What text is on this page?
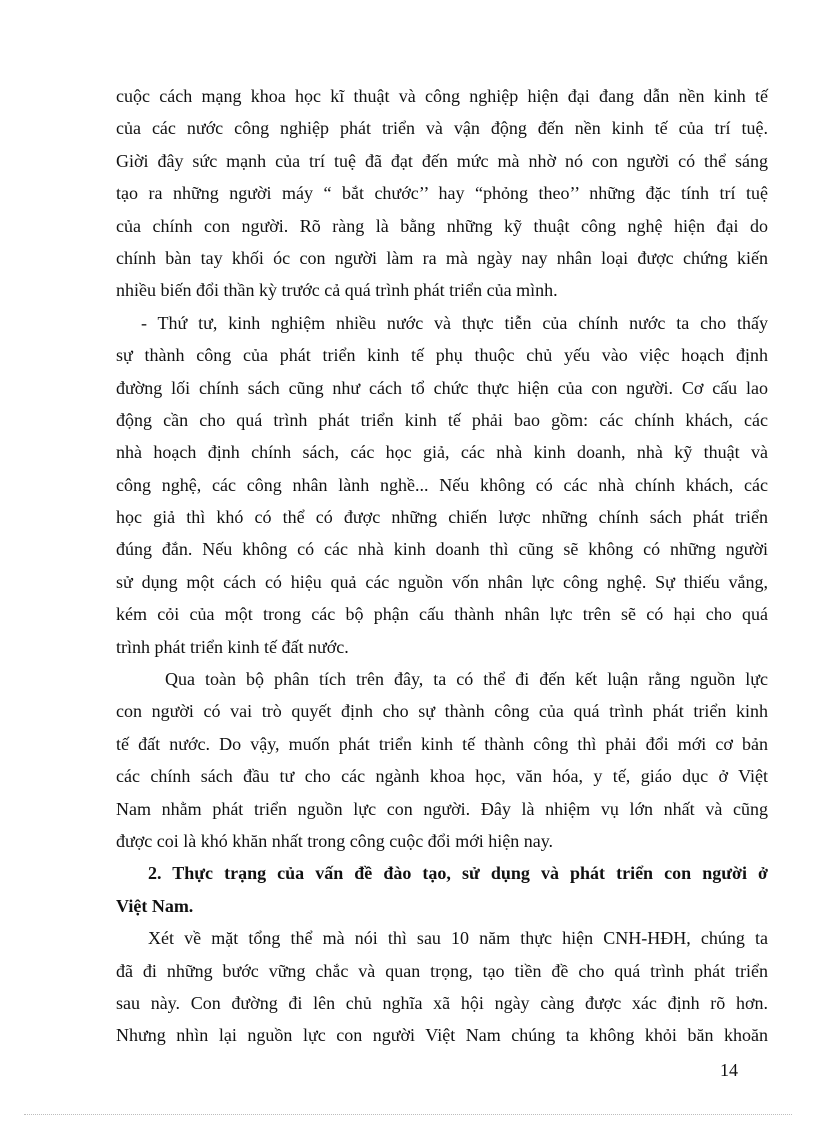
cuộc cách mạng khoa học kĩ thuật và công nghiệp hiện đại đang dẫn nền kinh tế
của các nước công nghiệp phát triển và vận động đến nền kinh tế của trí tuệ.
Giời đây sức mạnh của trí tuệ đã đạt đến mức mà nhờ nó con người có thể sáng
tạo ra những người máy “ bắt chước’’ hay “phỏng theo’’ những đặc tính trí tuệ
của chính con người. Rõ ràng là bằng những kỹ thuật công nghệ hiện đại do
chính bàn tay khối óc con người làm ra mà ngày nay nhân loại được chứng kiến
nhiều biến đổi thần kỳ trước cả quá trình phát triển của mình.
- Thứ tư, kinh nghiệm nhiều nước và thực tiễn của chính nước ta cho thấy
sự thành công của phát triển kinh tế phụ thuộc chủ yếu vào việc hoạch định
đường lối chính sách cũng như cách tổ chức thực hiện của con người. Cơ cấu lao
động cần cho quá trình phát triển kinh tế phải bao gồm: các chính khách, các
nhà hoạch định chính sách, các học giả, các nhà kinh doanh, nhà kỹ thuật và
công nghệ, các công nhân lành nghề... Nếu không có các nhà chính khách, các
học giả thì khó có thể có được những chiến lược những chính sách phát triển
đúng đắn. Nếu không có các nhà kinh doanh thì cũng sẽ không có những người
sử dụng một cách có hiệu quả các nguồn vốn nhân lực công nghệ. Sự thiếu vắng,
kém cỏi của một trong các bộ phận cấu thành nhân lực trên sẽ có hại cho quá
trình phát triển kinh tế đất nước.
Qua toàn bộ phân tích trên đây, ta có thể đi đến kết luận rằng nguồn lực
con người có vai trò quyết định cho sự thành công của quá trình phát triển kinh
tế đất nước. Do vậy, muốn phát triển kinh tế thành công thì phải đổi mới cơ bản
các chính sách đầu tư cho các ngành khoa học, văn hóa, y tế, giáo dục ở Việt
Nam nhằm phát triển nguồn lực con người. Đây là nhiệm vụ lớn nhất và cũng
được coi là khó khăn nhất trong công cuộc đổi mới hiện nay.
2. Thực trạng của vấn đề đào tạo, sử dụng và phát triển con người ở
Việt Nam.
Xét về mặt tổng thể mà nói thì sau 10 năm thực hiện CNH-HĐH, chúng ta
đã đi những bước vững chắc và quan trọng, tạo tiền đề cho quá trình phát triển
sau này. Con đường đi lên chủ nghĩa xã hội ngày càng được xác định rõ hơn.
Nhưng nhìn lại nguồn lực con người Việt Nam chúng ta không khỏi băn khoăn
14
